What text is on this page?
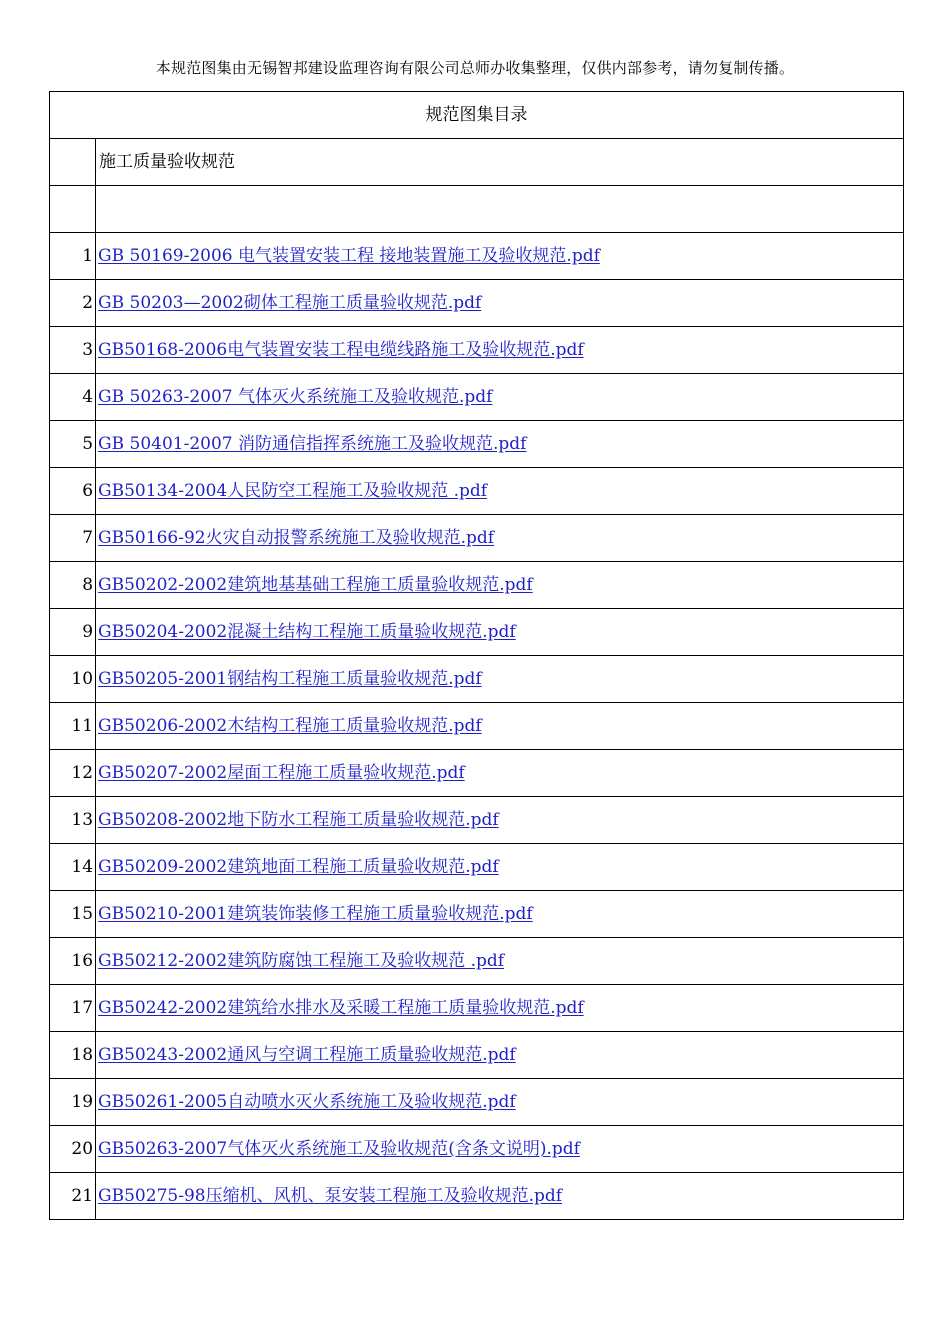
本规范图集由无锡智邦建设监理咨询有限公司总师办收集整理，仅供内部参考，请勿复制传播。
规范图集目录	
	施工质量验收规范

1	GB 50169-2006 电气装置安装工程 接地装置施工及验收规范.pdf
2	GB 50203—2002砌体工程施工质量验收规范.pdf
3	GB50168-2006电气装置安装工程电缆线路施工及验收规范.pdf
4	GB 50263-2007 气体灭火系统施工及验收规范.pdf
5	GB 50401-2007 消防通信指挥系统施工及验收规范.pdf
6	GB50134-2004人民防空工程施工及验收规范 .pdf
7	GB50166-92火灾自动报警系统施工及验收规范.pdf
8	GB50202-2002建筑地基基础工程施工质量验收规范.pdf
9	GB50204-2002混凝土结构工程施工质量验收规范.pdf
10	GB50205-2001钢结构工程施工质量验收规范.pdf
11	GB50206-2002木结构工程施工质量验收规范.pdf
12	GB50207-2002屋面工程施工质量验收规范.pdf
13	GB50208-2002地下防水工程施工质量验收规范.pdf
14	GB50209-2002建筑地面工程施工质量验收规范.pdf
15	GB50210-2001建筑装饰装修工程施工质量验收规范.pdf
16	GB50212-2002建筑防腐蚀工程施工及验收规范 .pdf
17	GB50242-2002建筑给水排水及采暖工程施工质量验收规范.pdf
18	GB50243-2002通风与空调工程施工质量验收规范.pdf
19	GB50261-2005自动喷水灭火系统施工及验收规范.pdf
20	GB50263-2007气体灭火系统施工及验收规范(含条文说明).pdf
21	GB50275-98压缩机、风机、泵安装工程施工及验收规范.pdf
